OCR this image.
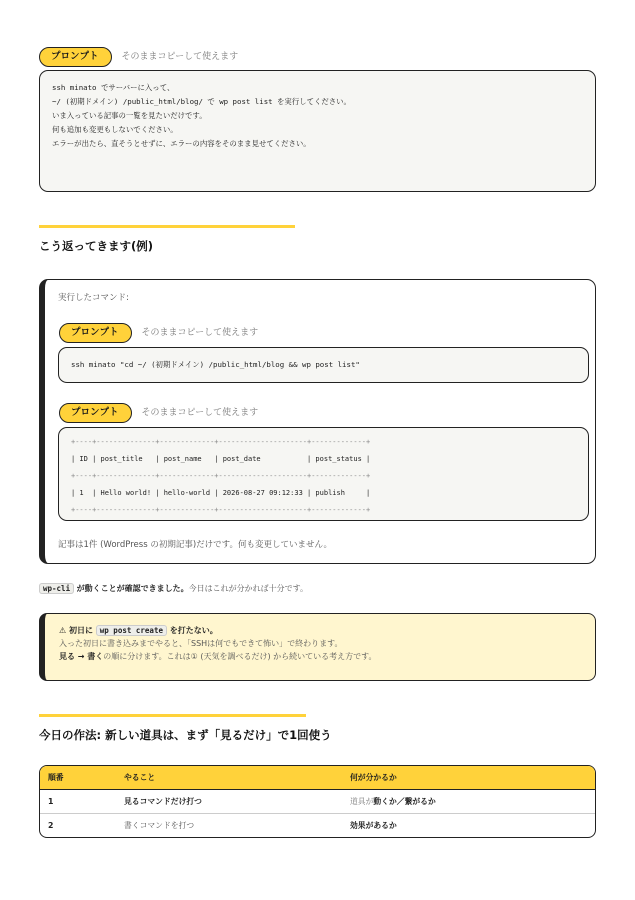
プロンプト	そのままコピーして使えます
ssh minato でサーバーに入って、
~/ (初期ドメイン) /public_html/blog/ で wp post list を実行してください。
いま入っている記事の一覧を見たいだけです。
何も追加も変更もしないでください。
エラーが出たら、直そうとせずに、エラーの内容をそのまま見せてください。
こう返ってきます(例)
実行したコマンド:
プロンプト	そのままコピーして使えます
ssh minato "cd ~/ (初期ドメイン) /public_html/blog && wp post list"
プロンプト	そのままコピーして使えます
+----+--------------+-------------+---------------------+-------------+
| ID | post_title   | post_name   | post_date           | post_status |
+----+--------------+-------------+---------------------+-------------+
| 1  | Hello world! | hello-world | 2026-08-27 09:12:33 | publish     |
+----+--------------+-------------+---------------------+-------------+
記事は1件 (WordPress の初期記事)だけです。何も変更していません。
wp-cli が動くことが確認できました。今日はこれが分かれば十分です。
⚠ 初日に wp post create を打たない。
入った初日に書き込みまでやると、「SSHは何でもできて怖い」で終わります。
見る → 書くの順に分けます。これは① (天気を調べるだけ) から続いている考え方です。
今日の作法: 新しい道具は、まず「見るだけ」で1回使う
順番	やること	何が分かるか
1	見るコマンドだけ打つ	道具が動くか／繋がるか
2	書くコマンドを打つ	効果があるか
